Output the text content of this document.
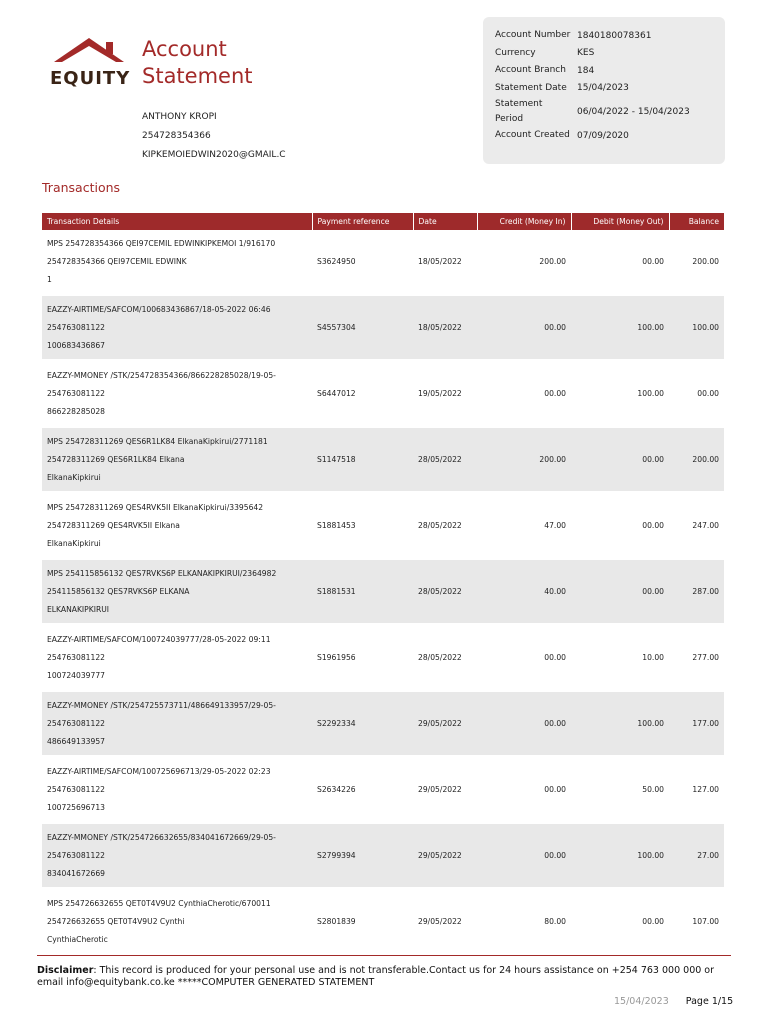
EQUITY
Account
Statement
ANTHONY KROPI
254728354366
KIPKEMOIEDWIN2020@GMAIL.C
Account Number 1840180078361
Currency	KES
Account Branch	184
Statement Date	15/04/2023
Statement Period
06/04/2022 - 15/04/2023
Account Created 07/09/2020
Transactions
Transaction Details	Payment reference	Date	Credit (Money In)	Debit (Money Out)	Balance

MPS 254728354366 QEI97CEMIL EDWINKIPKEMOI 1/916170
254728354366 QEI97CEMIL EDWINK
1	S3624950	18/05/2022	200.00	00.00	200.00

EAZZY-AIRTIME/SAFCOM/100683436867/18-05-2022 06:46
254763081122
100683436867	S4557304	18/05/2022	00.00	100.00	100.00

EAZZY-MMONEY /STK/254728354366/866228285028/19-05-
254763081122
866228285028	S6447012	19/05/2022	00.00	100.00	00.00

MPS 254728311269 QES6R1LK84 ElkanaKipkirui/2771181
254728311269 QES6R1LK84 Elkana
ElkanaKipkirui	S1147518	28/05/2022	200.00	00.00	200.00

MPS 254728311269 QES4RVK5II ElkanaKipkirui/3395642
254728311269 QES4RVK5II Elkana
ElkanaKipkirui	S1881453	28/05/2022	47.00	00.00	247.00

MPS 254115856132 QES7RVKS6P ELKANAKIPKIRUI/2364982
254115856132 QES7RVKS6P ELKANA
ELKANAKIPKIRUI	S1881531	28/05/2022	40.00	00.00	287.00

EAZZY-AIRTIME/SAFCOM/100724039777/28-05-2022 09:11
254763081122
100724039777	S1961956	28/05/2022	00.00	10.00	277.00

EAZZY-MMONEY /STK/254725573711/486649133957/29-05-
254763081122
486649133957	S2292334	29/05/2022	00.00	100.00	177.00

EAZZY-AIRTIME/SAFCOM/100725696713/29-05-2022 02:23
254763081122
100725696713	S2634226	29/05/2022	00.00	50.00	127.00

EAZZY-MMONEY /STK/254726632655/834041672669/29-05-
254763081122
834041672669	S2799394	29/05/2022	00.00	100.00	27.00

MPS 254726632655 QET0T4V9U2 CynthiaCherotic/670011
254726632655 QET0T4V9U2 Cynthi
CynthiaCherotic	S2801839	29/05/2022	80.00	00.00	107.00
Disclaimer: This record is produced for your personal use and is not transferable.Contact us for 24 hours assistance on +254 763 000 000 or email info@equitybank.co.ke *****COMPUTER GENERATED STATEMENT
15/04/2023 Page 1/15
